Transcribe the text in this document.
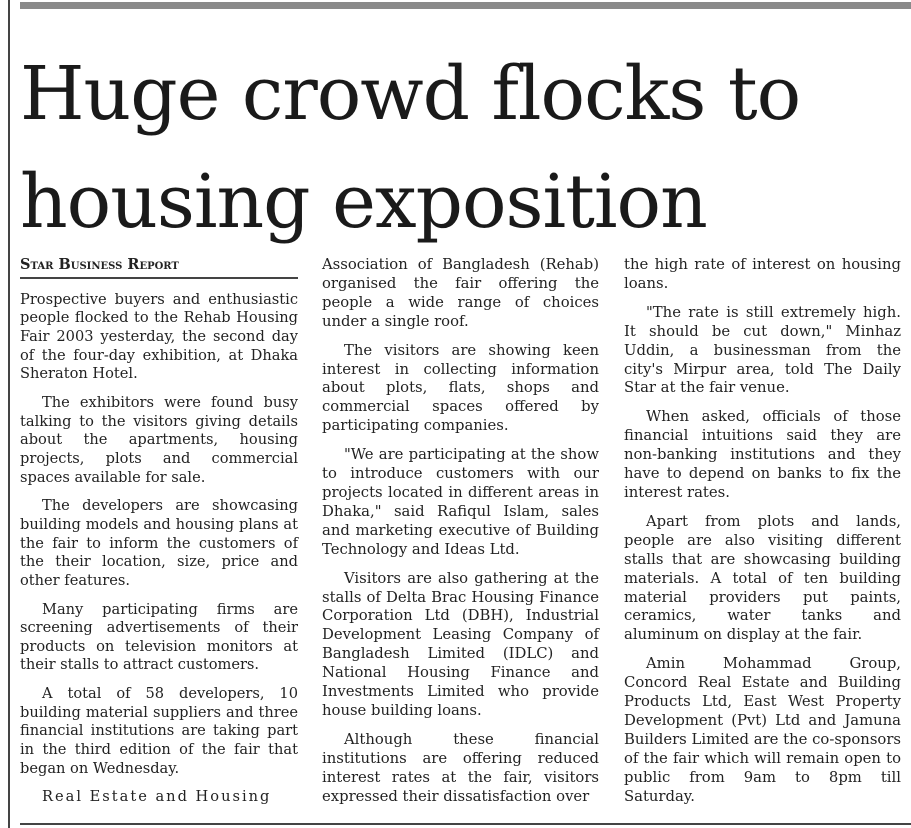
Huge crowd flocks to housing exposition

Star Business Report

Prospective buyers and enthusiastic people flocked to the Rehab Housing Fair 2003 yesterday, the second day of the four-day exhibition, at Dhaka Sheraton Hotel.

The exhibitors were found busy talking to the visitors giving details about the apartments, housing projects, plots and commercial spaces available for sale.

The developers are showcasing building models and housing plans at the fair to inform the customers of the their location, size, price and other features.

Many participating firms are screening advertisements of their products on television monitors at their stalls to attract customers.

A total of 58 developers, 10 building material suppliers and three financial institutions are taking part in the third edition of the fair that began on Wednesday.

Real Estate and Housing

Association of Bangladesh (Rehab) organised the fair offering the people a wide range of choices under a single roof.

The visitors are showing keen interest in collecting information about plots, flats, shops and commercial spaces offered by participating companies.

"We are participating at the show to introduce customers with our projects located in different areas in Dhaka," said Rafiqul Islam, sales and marketing executive of Building Technology and Ideas Ltd.

Visitors are also gathering at the stalls of Delta Brac Housing Finance Corporation Ltd (DBH), Industrial Development Leasing Company of Bangladesh Limited (IDLC) and National Housing Finance and Investments Limited who provide house building loans.

Although these financial institutions are offering reduced interest rates at the fair, visitors expressed their dissatisfaction over

the high rate of interest on housing loans.

"The rate is still extremely high. It should be cut down," Minhaz Uddin, a businessman from the city's Mirpur area, told The Daily Star at the fair venue.

When asked, officials of those financial intuitions said they are non-banking institutions and they have to depend on banks to fix the interest rates.

Apart from plots and lands, people are also visiting different stalls that are showcasing building materials. A total of ten building material providers put paints, ceramics, water tanks and aluminum on display at the fair.

Amin Mohammad Group, Concord Real Estate and Building Products Ltd, East West Property Development (Pvt) Ltd and Jamuna Builders Limited are the co-sponsors of the fair which will remain open to public from 9am to 8pm till Saturday.
